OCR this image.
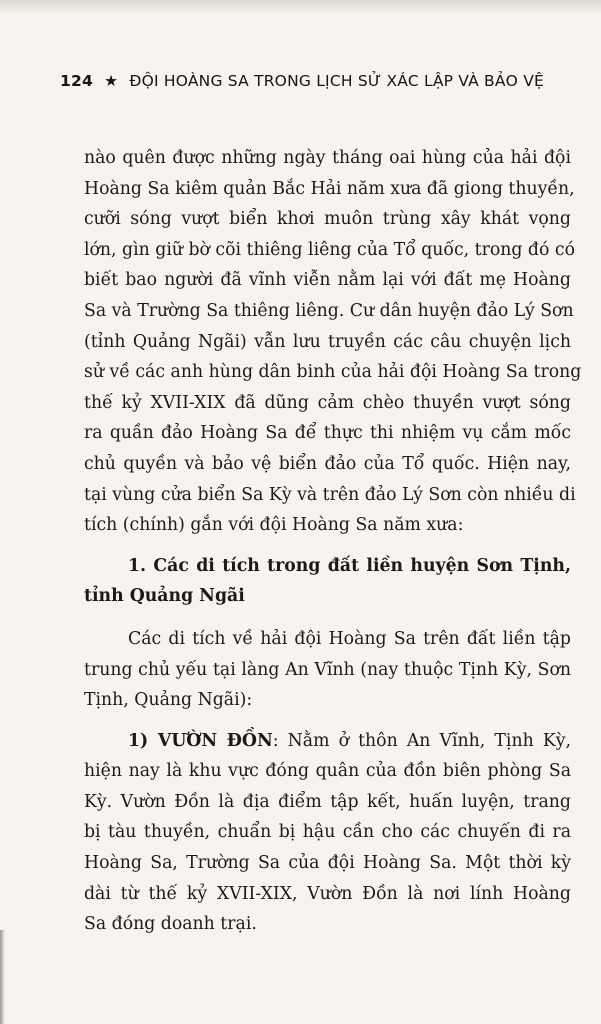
124 ★ ĐỘI HOÀNG SA TRONG LỊCH SỬ XÁC LẬP VÀ BẢO VỆ
nào quên được những ngày tháng oai hùng của hải đội
Hoàng Sa kiêm quản Bắc Hải năm xưa đã giong thuyền,
cưỡi sóng vượt biển khơi muôn trùng xây khát vọng
lớn, gìn giữ bờ cõi thiêng liêng của Tổ quốc, trong đó có
biết bao người đã vĩnh viễn nằm lại với đất mẹ Hoàng
Sa và Trường Sa thiêng liêng. Cư dân huyện đảo Lý Sơn
(tỉnh Quảng Ngãi) vẫn lưu truyền các câu chuyện lịch
sử về các anh hùng dân binh của hải đội Hoàng Sa trong
thế kỷ XVII-XIX đã dũng cảm chèo thuyền vượt sóng
ra quần đảo Hoàng Sa để thực thi nhiệm vụ cắm mốc
chủ quyền và bảo vệ biển đảo của Tổ quốc. Hiện nay,
tại vùng cửa biển Sa Kỳ và trên đảo Lý Sơn còn nhiều di
tích (chính) gắn với đội Hoàng Sa năm xưa:
1. Các di tích trong đất liền huyện Sơn Tịnh,
tỉnh Quảng Ngãi
Các di tích về hải đội Hoàng Sa trên đất liền tập
trung chủ yếu tại làng An Vĩnh (nay thuộc Tịnh Kỳ, Sơn
Tịnh, Quảng Ngãi):
1) VƯỜN ĐỒN: Nằm ở thôn An Vĩnh, Tịnh Kỳ,
hiện nay là khu vực đóng quân của đồn biên phòng Sa
Kỳ. Vườn Đồn là địa điểm tập kết, huấn luyện, trang
bị tàu thuyền, chuẩn bị hậu cần cho các chuyến đi ra
Hoàng Sa, Trường Sa của đội Hoàng Sa. Một thời kỳ
dài từ thế kỷ XVII-XIX, Vườn Đồn là nơi lính Hoàng
Sa đóng doanh trại.
